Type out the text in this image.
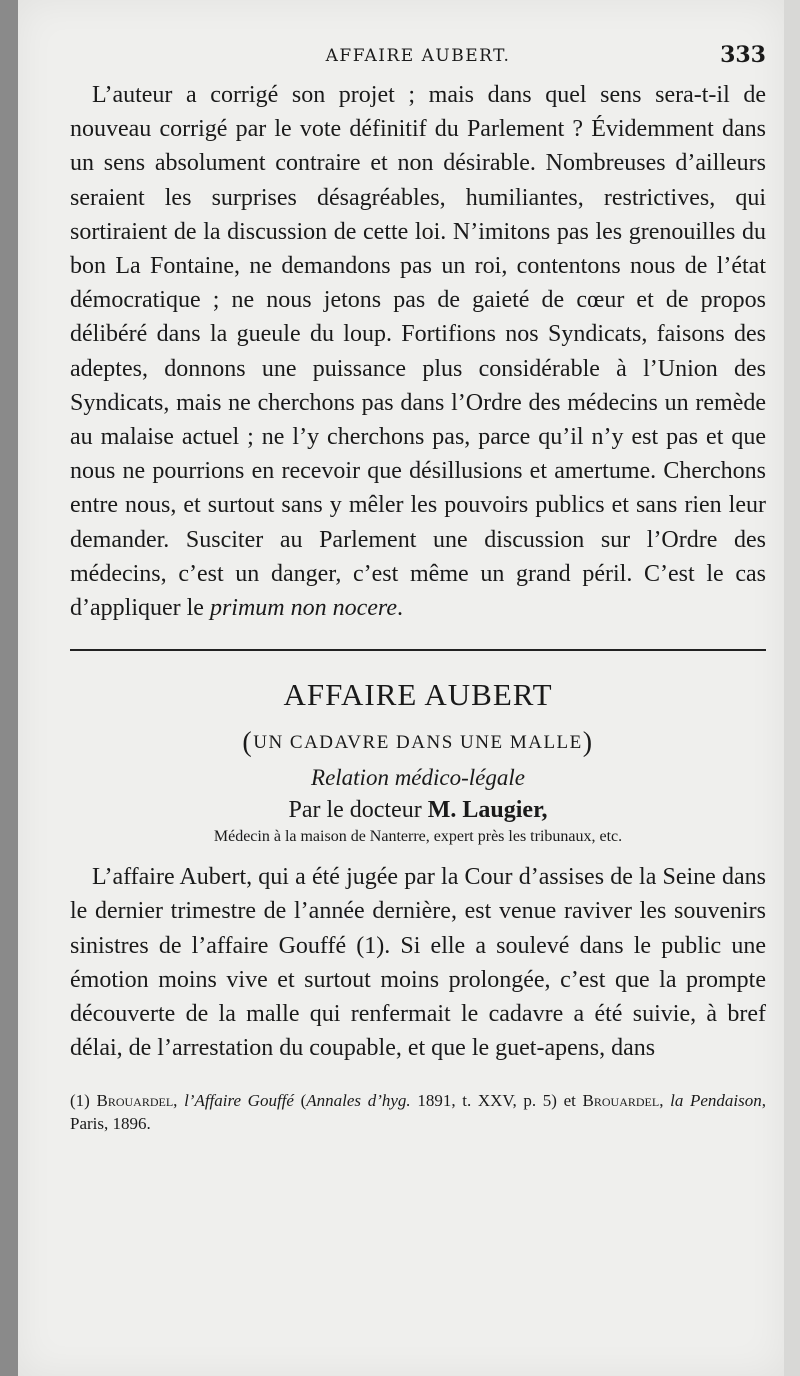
AFFAIRE AUBERT.	333

L’auteur a corrigé son projet ; mais dans quel sens sera-t-il de nouveau corrigé par le vote définitif du Parlement ? Évidemment dans un sens absolument contraire et non désirable. Nombreuses d’ailleurs seraient les surprises désagréables, humiliantes, restrictives, qui sortiraient de la discussion de cette loi. N’imitons pas les grenouilles du bon La Fontaine, ne demandons pas un roi, contentons nous de l’état démocratique ; ne nous jetons pas de gaieté de cœur et de propos délibéré dans la gueule du loup. Fortifions nos Syndicats, faisons des adeptes, donnons une puissance plus considérable à l’Union des Syndicats, mais ne cherchons pas dans l’Ordre des médecins un remède au malaise actuel ; ne l’y cherchons pas, parce qu’il n’y est pas et que nous ne pourrions en recevoir que désillusions et amertume. Cherchons entre nous, et surtout sans y mêler les pouvoirs publics et sans rien leur demander. Susciter au Parlement une discussion sur l’Ordre des médecins, c’est un danger, c’est même un grand péril. C’est le cas d’appliquer le primum non nocere.

AFFAIRE AUBERT
(UN CADAVRE DANS UNE MALLE)
Relation médico-légale
Par le docteur M. Laugier,
Médecin à la maison de Nanterre, expert près les tribunaux, etc.

L’affaire Aubert, qui a été jugée par la Cour d’assises de la Seine dans le dernier trimestre de l’année dernière, est venue raviver les souvenirs sinistres de l’affaire Gouffé (1). Si elle a soulevé dans le public une émotion moins vive et surtout moins prolongée, c’est que la prompte découverte de la malle qui renfermait le cadavre a été suivie, à bref délai, de l’arrestation du coupable, et que le guet-apens, dans

(1) Brouardel, l’Affaire Gouffé (Annales d’hyg. 1891, t. XXV, p. 5) et Brouardel, la Pendaison, Paris, 1896.
